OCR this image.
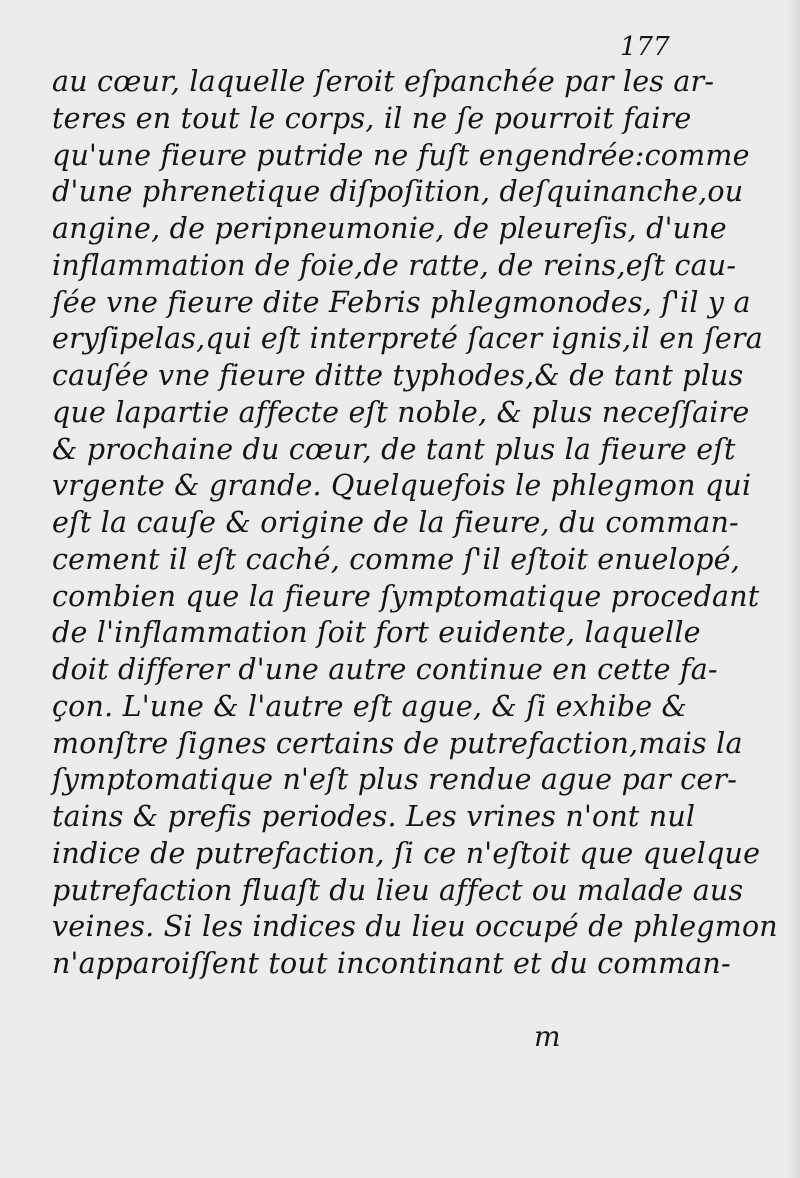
177
au cœur, laquelle ſeroit eſpanchée par les ar-
teres en tout le corps, il ne ſe pourroit faire
qu'une fieure putride ne fuſt engendrée:comme
d'une phrenetique diſpoſition, deſquinanche,ou
angine, de peripneumonie, de pleureſis, d'une
inflammation de foie,de ratte, de reins,eſt cau-
ſée vne fieure dite Febris phlegmonodes, ſ'il y a
eryſipelas,qui eſt interpreté ſacer ignis,il en ſera
cauſée vne fieure ditte typhodes,& de tant plus
que lapartie affecte eſt noble, & plus neceſſaire
& prochaine du cœur, de tant plus la fieure eſt
vrgente & grande. Quelquefois le phlegmon qui
eſt la cauſe & origine de la fieure, du comman-
cement il eſt caché, comme ſ'il eſtoit enuelopé,
combien que la fieure ſymptomatique procedant
de l'inflammation ſoit fort euidente, laquelle
doit differer d'une autre continue en cette fa-
çon. L'une & l'autre eſt ague, & ſi exhibe &
monſtre ſignes certains de putrefaction,mais la
ſymptomatique n'eſt plus rendue ague par cer-
tains & prefis periodes. Les vrines n'ont nul
indice de putrefaction, ſi ce n'eſtoit que quelque
putrefaction fluaſt du lieu affect ou malade aus
veines. Si les indices du lieu occupé de phlegmon
n'apparoiſſent tout incontinant et du comman-
m
